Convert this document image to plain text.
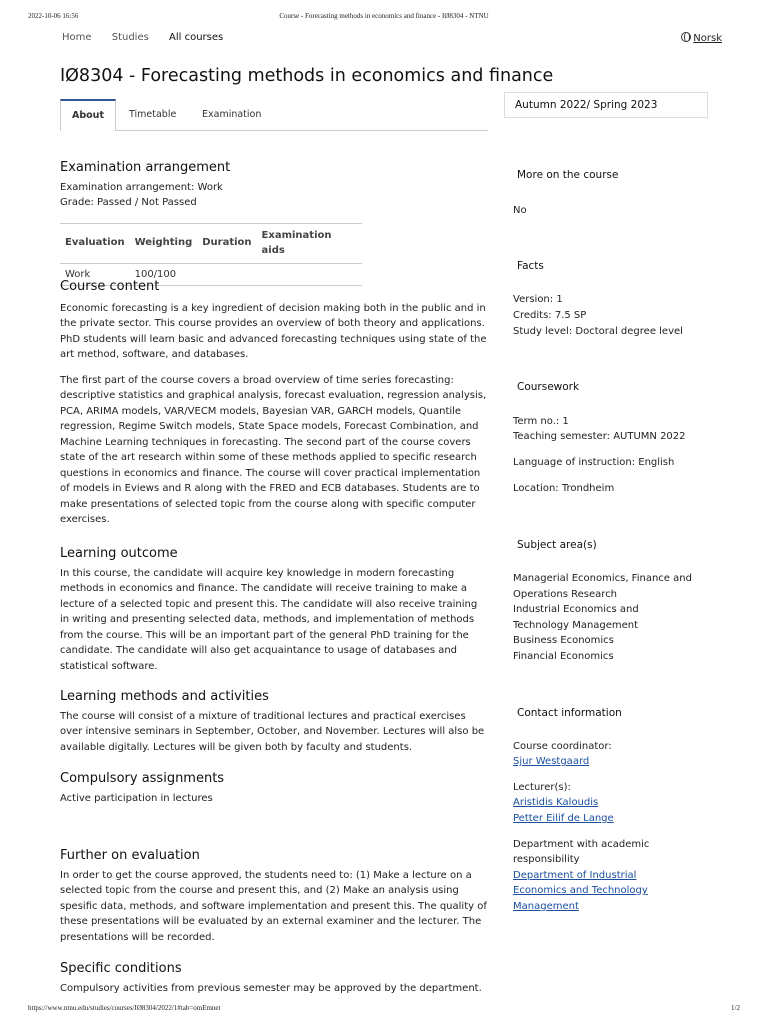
2022-10-06 16:56	Course - Forecasting methods in economics and finance - IØ8304 - NTNU
Home Studies All courses	Norsk
IØ8304 - Forecasting methods in economics and finance
About	Timetable	Examination
Autumn 2022/ Spring 2023
Examination arrangement

Examination arrangement: Work

Grade: Passed / Not Passed

Evaluation	Weighting	Duration	Examination aids
Work	100/100		
Course content

Economic forecasting is a key ingredient of decision making both in the public and in the private sector. This course provides an overview of both theory and applications. PhD students will learn basic and advanced forecasting techniques using state of the art method, software, and databases.

The first part of the course covers a broad overview of time series forecasting: descriptive statistics and graphical analysis, forecast evaluation, regression analysis, PCA, ARIMA models, VAR/VECM models, Bayesian VAR, GARCH models, Quantile regression, Regime Switch models, State Space models, Forecast Combination, and Machine Learning techniques in forecasting. The second part of the course covers state of the art research within some of these methods applied to specific research questions in economics and finance. The course will cover practical implementation of models in Eviews and R along with the FRED and ECB databases. Students are to make presentations of selected topic from the course along with specific computer exercises.

Learning outcome

In this course, the candidate will acquire key knowledge in modern forecasting methods in economics and finance. The candidate will receive training to make a lecture of a selected topic and present this. The candidate will also receive training in writing and presenting selected data, methods, and implementation of methods from the course. This will be an important part of the general PhD training for the candidate. The candidate will also get acquaintance to usage of databases and statistical software.

Learning methods and activities

The course will consist of a mixture of traditional lectures and practical exercises over intensive seminars in September, October, and November. Lectures will also be available digitally. Lectures will be given both by faculty and students.

Compulsory assignments

Active participation in lectures

Further on evaluation

In order to get the course approved, the students need to: (1) Make a lecture on a selected topic from the course and present this, and (2) Make an analysis using spesific data, methods, and software implementation and present this. The quality of these presentations will be evaluated by an external examiner and the lecturer. The presentations will be recorded.

Specific conditions

Compulsory activities from previous semester may be approved by the department.

More on the course
No
Facts
Version: 1
Credits: 7.5 SP
Study level: Doctoral degree level
Coursework
Term no.: 1
Teaching semester: AUTUMN 2022
Language of instruction: English
Location: Trondheim
Subject area(s)
Managerial Economics, Finance and
Operations Research
Industrial Economics and
Technology Management
Business Economics
Financial Economics
Contact information
Course coordinator:
Sjur Westgaard
Lecturer(s):
Aristidis Kaloudis
Petter Eilif de Lange
Department with academic
responsibility
Department of Industrial
Economics and Technology
Management
https://www.ntnu.edu/studies/courses/IØ8304/2022/1#tab=omEmnet	1/2
